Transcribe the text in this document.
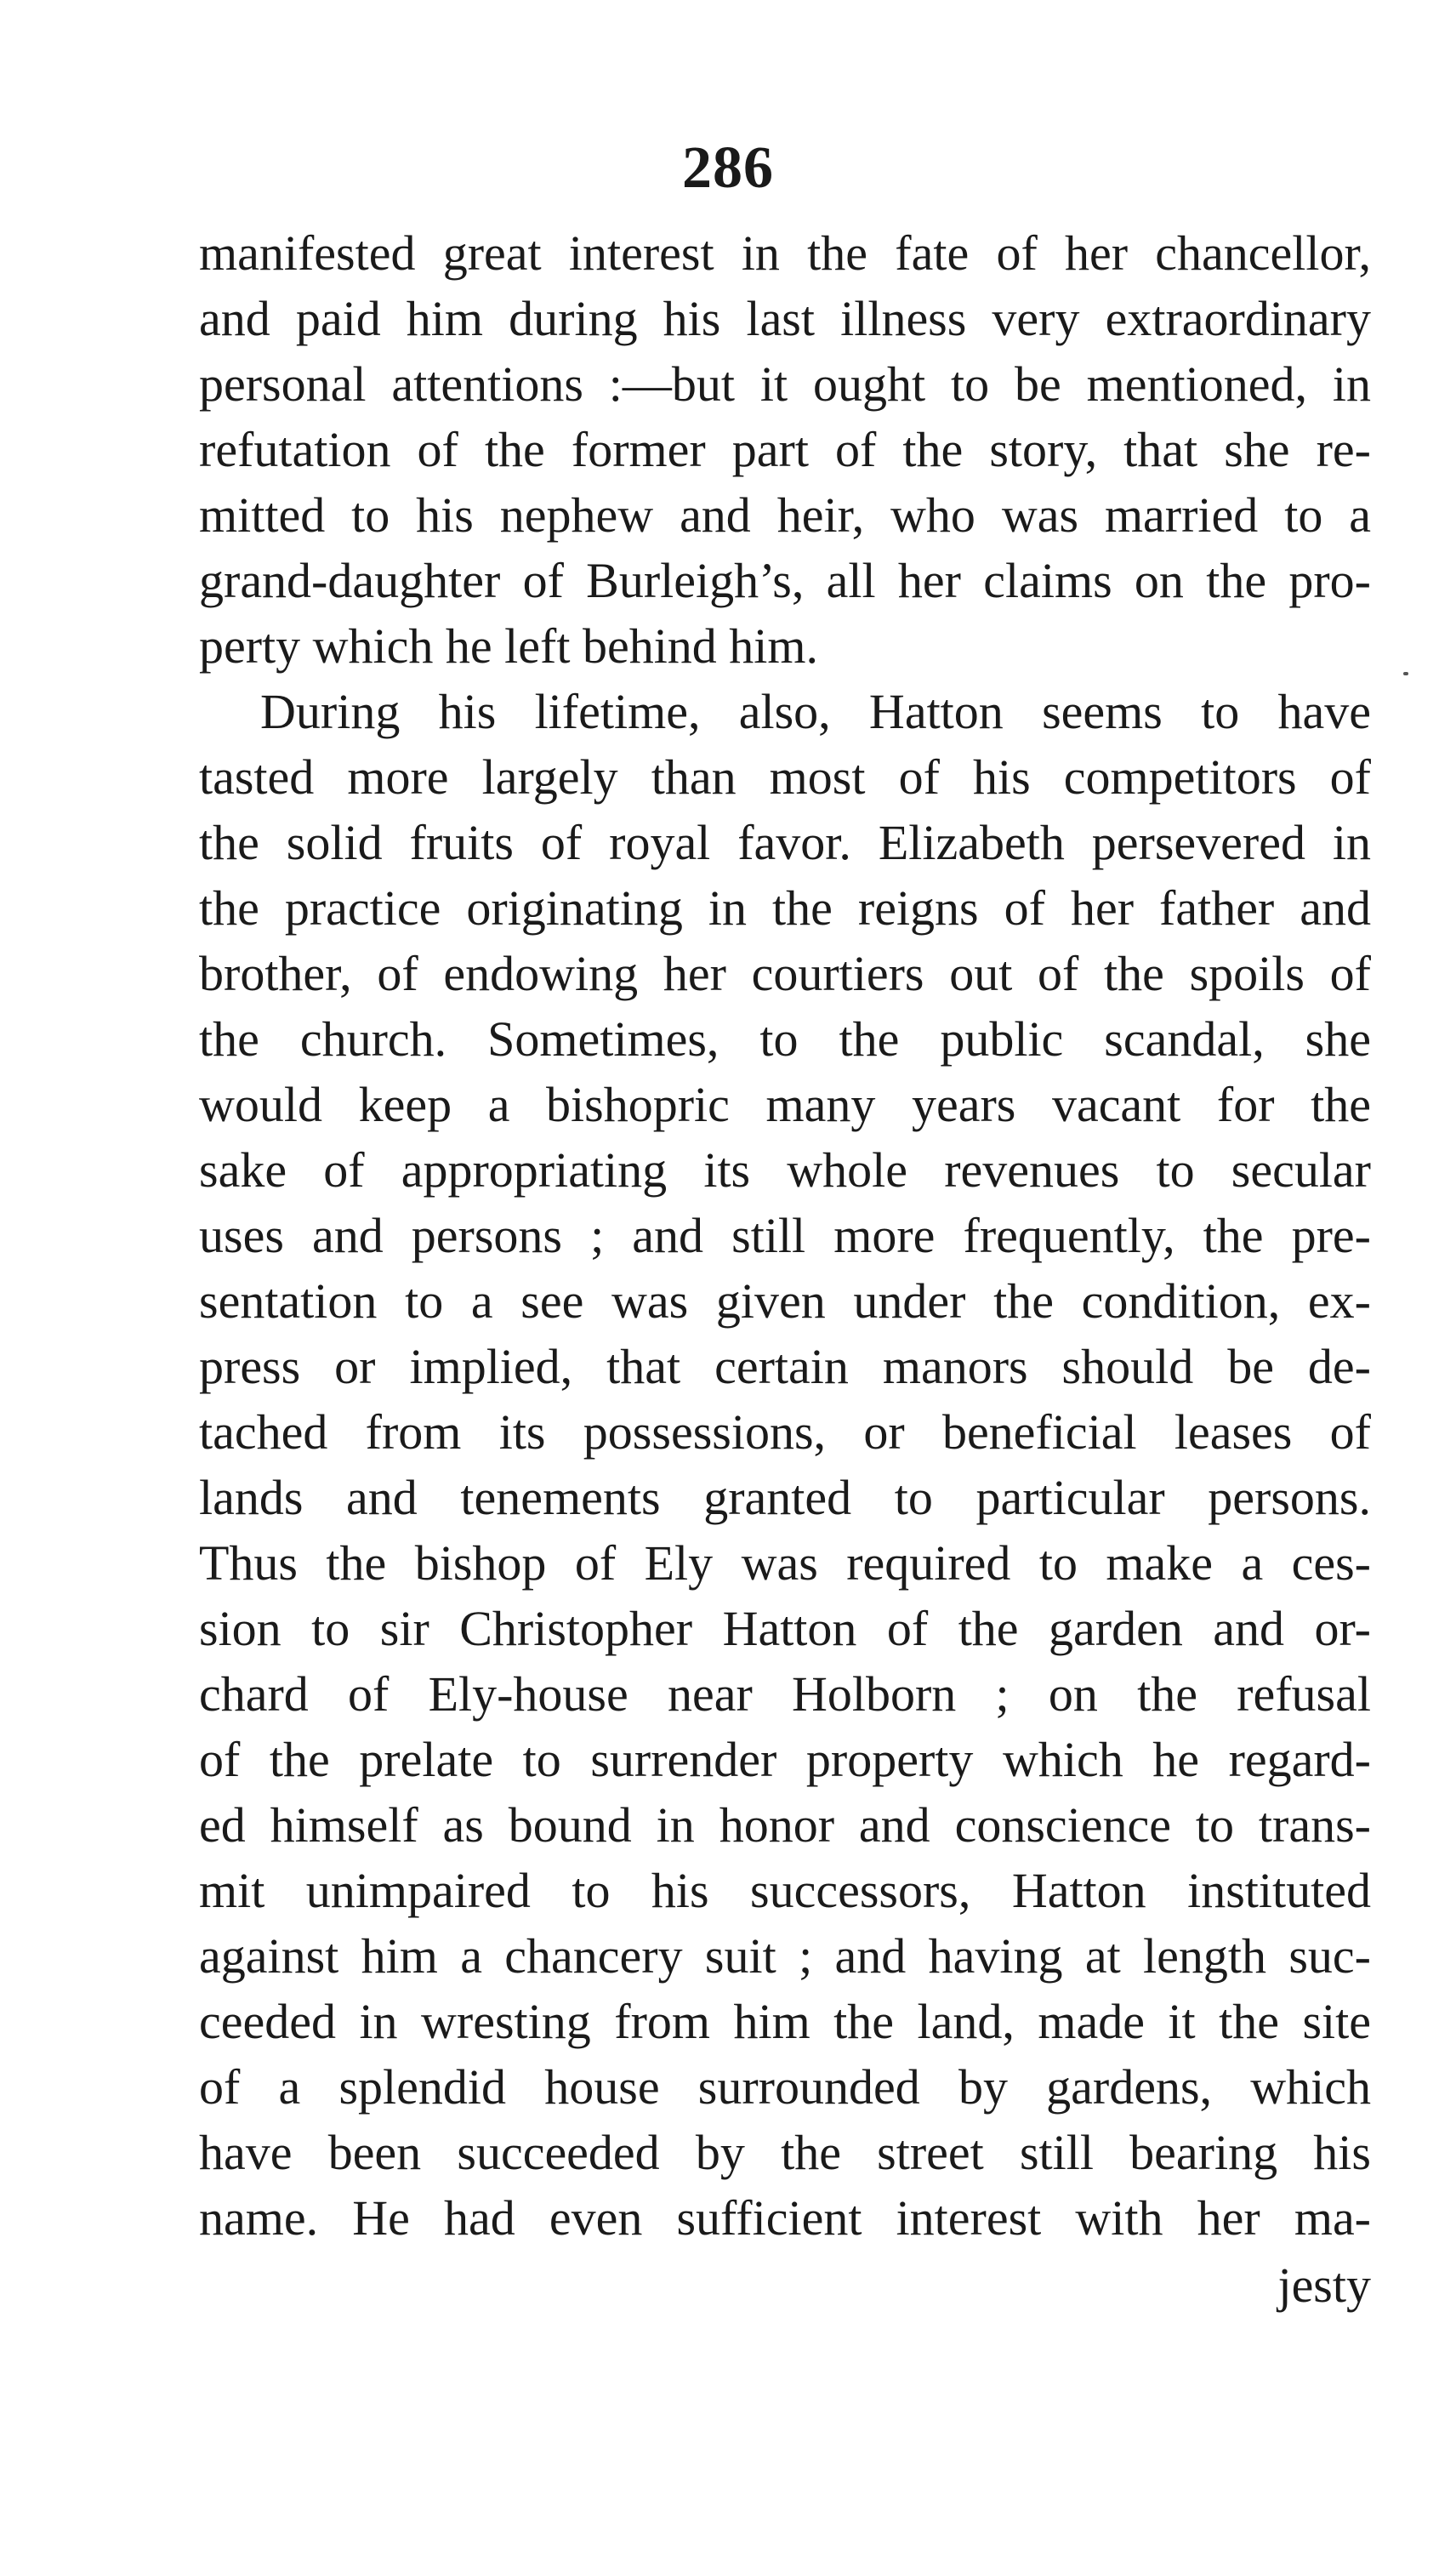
286
manifested great interest in the fate of her chancellor,
and paid him during his last illness very extraordinary
personal attentions :—but it ought to be mentioned, in
refutation of the former part of the story, that she re-
mitted to his nephew and heir, who was married to a
grand-daughter of Burleigh’s, all her claims on the pro-
perty which he left behind him.
During his lifetime, also, Hatton seems to have
tasted more largely than most of his competitors of
the solid fruits of royal favor. Elizabeth persevered in
the practice originating in the reigns of her father and
brother, of endowing her courtiers out of the spoils of
the church. Sometimes, to the public scandal, she
would keep a bishopric many years vacant for the
sake of appropriating its whole revenues to secular
uses and persons ; and still more frequently, the pre-
sentation to a see was given under the condition, ex-
press or implied, that certain manors should be de-
tached from its possessions, or beneficial leases of
lands and tenements granted to particular persons.
Thus the bishop of Ely was required to make a ces-
sion to sir Christopher Hatton of the garden and or-
chard of Ely-house near Holborn ; on the refusal
of the prelate to surrender property which he regard-
ed himself as bound in honor and conscience to trans-
mit unimpaired to his successors, Hatton instituted
against him a chancery suit ; and having at length suc-
ceeded in wresting from him the land, made it the site
of a splendid house surrounded by gardens, which
have been succeeded by the street still bearing his
name. He had even sufficient interest with her ma-
jesty
